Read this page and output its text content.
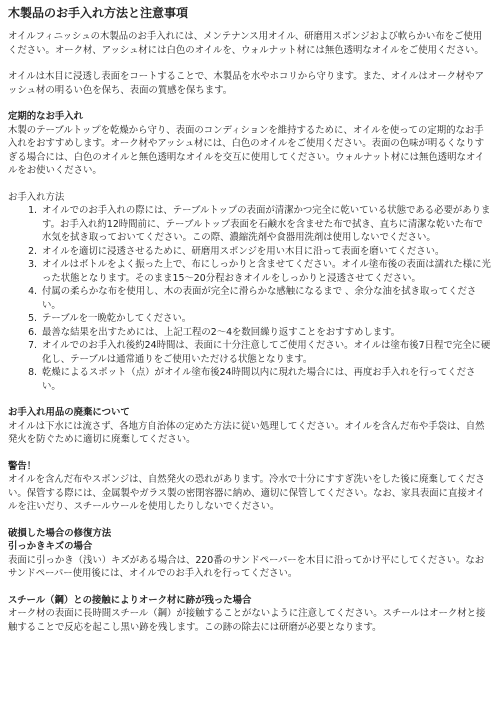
木製品のお手入れ方法と注意事項

オイルフィニッシュの木製品のお手入れには、メンテナンス用オイル、研磨用スポンジおよび軟らかい布をご使用ください。オーク材、アッシュ材には白色のオイルを、ウォルナット材には無色透明なオイルをご使用ください。

オイルは木目に浸透し表面をコートすることで、木製品を水やホコリから守ります。また、オイルはオーク材やアッシュ材の明るい色を保ち、表面の質感を保ちます。

定期的なお手入れ

木製のテーブルトップを乾燥から守り、表面のコンディションを維持するために、オイルを使っての定期的なお手入れをおすすめします。オーク材やアッシュ材には、白色のオイルをご使用ください。表面の色味が明るくなりすぎる場合には、白色のオイルと無色透明なオイルを交互に使用してください。ウォルナット材には無色透明なオイルをお使いください。

お手入れ方法

1. オイルでのお手入れの際には、テーブルトップの表面が清潔かつ完全に乾いている状態である必要があります。お手入れ約12時間前に、テーブルトップ表面を石鹸水を含ませた布で拭き、直ちに清潔な乾いた布で水気を拭き取っておいてください。この際、濃縮洗剤や食器用洗剤は使用しないでください。
2. オイルを適切に浸透させるために、研磨用スポンジを用い木目に沿って表面を磨いてください。
3. オイルはボトルをよく振った上で、布にしっかりと含ませてください。オイル塗布後の表面は濡れた様に光った状態となります。そのまま15〜20分程おきオイルをしっかりと浸透させてください。
4. 付属の柔らかな布を使用し、木の表面が完全に滑らかな感触になるまで 、余分な油を拭き取ってください。
5. テーブルを一晩乾かしてください。
6. 最善な結果を出すためには、上記工程の2〜4を数回繰り返すことをおすすめします。
7. オイルでのお手入れ後約24時間は、表面に十分注意してご使用ください。オイルは塗布後7日程で完全に硬化し、テーブルは通常通りをご使用いただける状態となります。
8. 乾燥によるスポット（点）がオイル塗布後24時間以内に現れた場合には、再度お手入れを行ってください。

お手入れ用品の廃棄について

オイルは下水には流さず、各地方自治体の定めた方法に従い処理してください。オイルを含んだ布や手袋は、自然発火を防ぐために適切に廃棄してください。

警告！

オイルを含んだ布やスポンジは、自然発火の恐れがあります。冷水で十分にすすぎ洗いをした後に廃棄してください。保管する際には、金属製やガラス製の密閉容器に納め、適切に保管してください。なお、家具表面に直接オイルを注いだり、スチールウールを使用したりしないでください。

破損した場合の修復方法

引っかきキズの場合

表面に引っかき（浅い）キズがある場合は、220番のサンドペーパーを木目に沿ってかけ平にしてください。なおサンドペーパー使用後には、オイルでのお手入れを行ってください。

スチール（鋼）との接触によりオーク材に跡が残った場合

オーク材の表面に長時間スチール（鋼）が接触することがないように注意してください。スチールはオーク材と接触することで反応を起こし黒い跡を残します。この跡の除去には研磨が必要となります。
